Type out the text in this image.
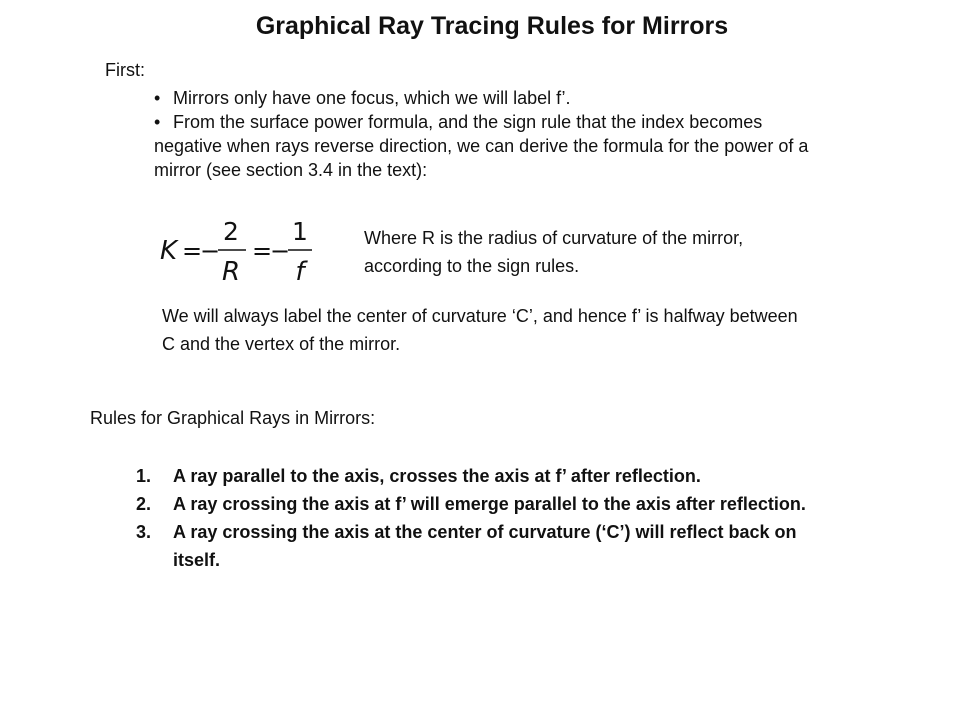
Graphical Ray Tracing Rules for Mirrors
First:
• Mirrors only have one focus, which we will label f’.
• From the surface power formula, and the sign rule that the index becomes negative when rays reverse direction, we can derive the formula for the power of a mirror (see section 3.4 in the text):
K =
−
2
R
=
−
1
f
Where R is the radius of curvature of the mirror, according to the sign rules.
We will always label the center of curvature ‘C’, and hence f’ is halfway between C and the vertex of the mirror.
Rules for Graphical Rays in Mirrors:
1. A ray parallel to the axis, crosses the axis at f’ after reflection.
2. A ray crossing the axis at f’ will emerge parallel to the axis after reflection.
3. A ray crossing the axis at the center of curvature (‘C’) will reflect back on itself.
